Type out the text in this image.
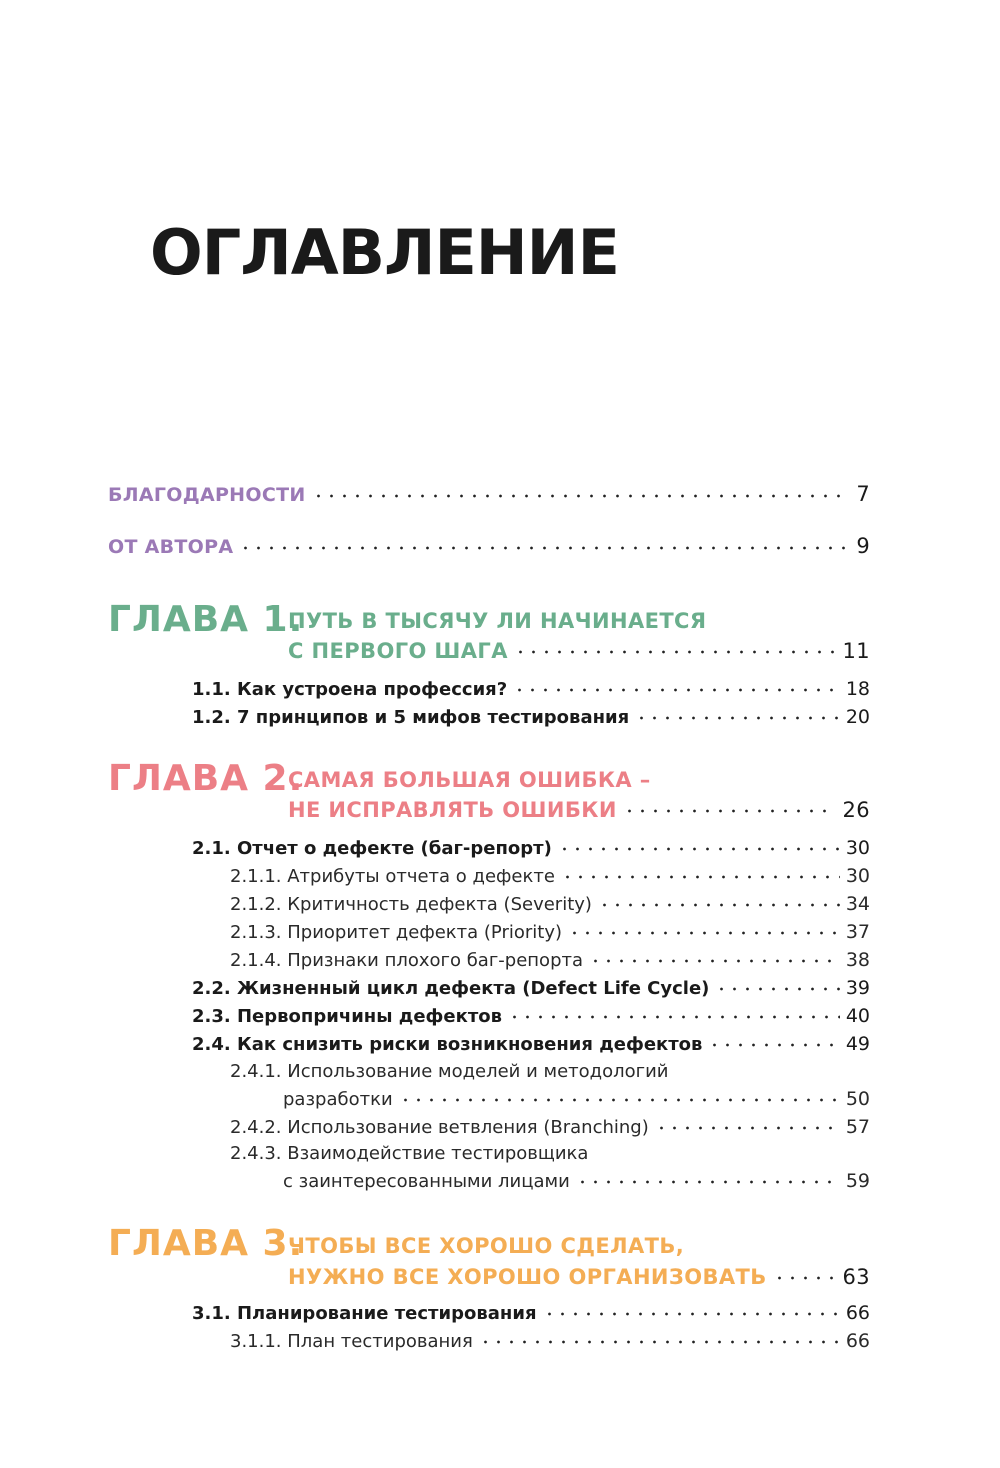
ОГЛАВЛЕНИЕ
БЛАГОДАРНОСТИ	7
ОТ АВТОРА	9
ГЛАВА 1.
ПУТЬ В ТЫСЯЧУ ЛИ НАЧИНАЕТСЯ
С ПЕРВОГО ШАГА	11
1.1. Как устроена профессия?	18
1.2. 7 принципов и 5 мифов тестирования	20
ГЛАВА 2.
САМАЯ БОЛЬШАЯ ОШИБКА –
НЕ ИСПРАВЛЯТЬ ОШИБКИ	26
2.1. Отчет о дефекте (баг-репорт)	30
2.1.1. Атрибуты отчета о дефекте	30
2.1.2. Критичность дефекта (Severity)	34
2.1.3. Приоритет дефекта (Priority)	37
2.1.4. Признаки плохого баг-репорта	38
2.2. Жизненный цикл дефекта (Defect Life Cycle)	39
2.3. Первопричины дефектов	40
2.4. Как снизить риски возникновения дефектов	49
2.4.1. Использование моделей и методологий
разработки	50
2.4.2. Использование ветвления (Branching)	57
2.4.3. Взаимодействие тестировщика
с заинтересованными лицами	59
ГЛАВА 3.
ЧТОБЫ ВСЕ ХОРОШО СДЕЛАТЬ,
НУЖНО ВСЕ ХОРОШО ОРГАНИЗОВАТЬ	63
3.1. Планирование тестирования	66
3.1.1. План тестирования	66
